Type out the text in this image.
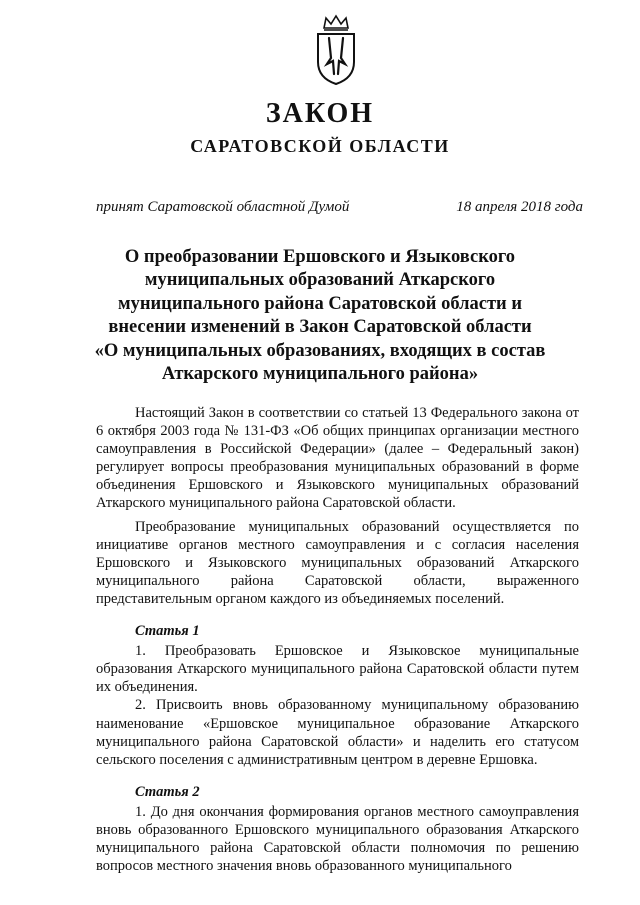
ЗАКОН
САРАТОВСКОЙ ОБЛАСТИ
принят Саратовской областной Думой	18 апреля 2018 года
О преобразовании Ершовского и Языковского
муниципальных образований Аткарского
муниципального района Саратовской области и
внесении изменений в Закон Саратовской области
«О муниципальных образованиях, входящих в состав
Аткарского муниципального района»

Настоящий Закон в соответствии со статьей 13 Федерального закона от 6 октября 2003 года № 131-ФЗ «Об общих принципах организации местного самоуправления в Российской Федерации» (далее – Федеральный закон) регулирует вопросы преобразования муниципальных образований в форме объединения Ершовского и Языковского муниципальных образований Аткарского муниципального района Саратовской области.

Преобразование муниципальных образований осуществляется по инициативе органов местного самоуправления и с согласия населения Ершовского и Языковского муниципальных образований Аткарского муниципального района Саратовской области, выраженного представительным органом каждого из объединяемых поселений.

Статья 1

1. Преобразовать Ершовское и Языковское муниципальные образования Аткарского муниципального района Саратовской области путем их объединения.

2. Присвоить вновь образованному муниципальному образованию наименование «Ершовское муниципальное образование Аткарского муниципального района Саратовской области» и наделить его статусом сельского поселения с административным центром в деревне Ершовка.

Статья 2

1. До дня окончания формирования органов местного самоуправления вновь образованного Ершовского муниципального образования Аткарского муниципального района Саратовской области полномочия по решению вопросов местного значения вновь образованного муниципального
